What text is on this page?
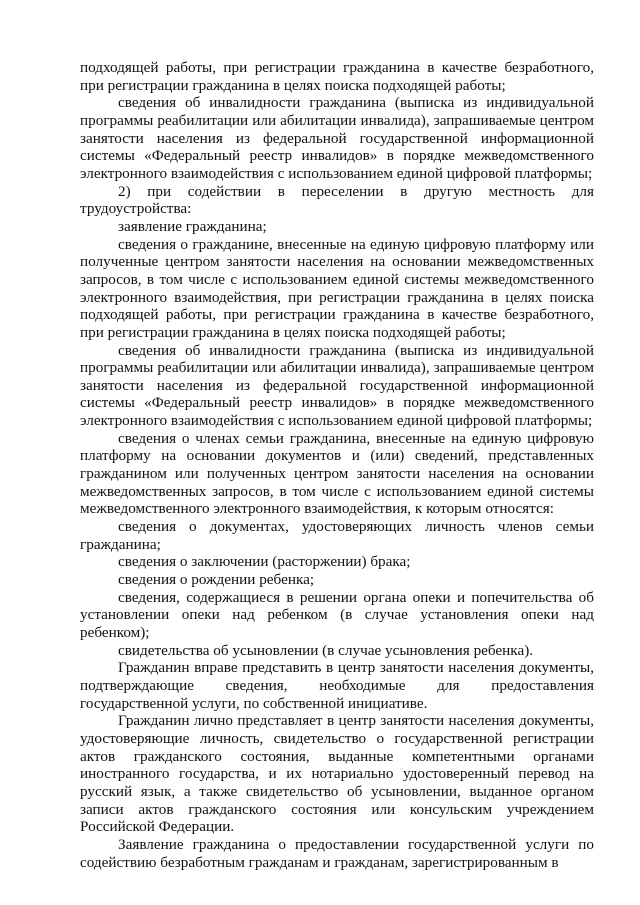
подходящей работы, при регистрации гражданина в качестве безработного, при регистрации гражданина в целях поиска подходящей работы;

сведения об инвалидности гражданина (выписка из индивидуальной программы реабилитации или абилитации инвалида), запрашиваемые центром занятости населения из федеральной государственной информационной системы «Федеральный реестр инвалидов» в порядке межведомственного электронного взаимодействия с использованием единой цифровой платформы;

2) при содействии в переселении в другую местность для трудоустройства:

заявление гражданина;

сведения о гражданине, внесенные на единую цифровую платформу или полученные центром занятости населения на основании межведомственных запросов, в том числе с использованием единой системы межведомственного электронного взаимодействия, при регистрации гражданина в целях поиска подходящей работы, при регистрации гражданина в качестве безработного, при регистрации гражданина в целях поиска подходящей работы;

сведения об инвалидности гражданина (выписка из индивидуальной программы реабилитации или абилитации инвалида), запрашиваемые центром занятости населения из федеральной государственной информационной системы «Федеральный реестр инвалидов» в порядке межведомственного электронного взаимодействия с использованием единой цифровой платформы;

сведения о членах семьи гражданина, внесенные на единую цифровую платформу на основании документов и (или) сведений, представленных гражданином или полученных центром занятости населения на основании межведомственных запросов, в том числе с использованием единой системы межведомственного электронного взаимодействия, к которым относятся:

сведения о документах, удостоверяющих личность членов семьи гражданина;

сведения о заключении (расторжении) брака;

сведения о рождении ребенка;

сведения, содержащиеся в решении органа опеки и попечительства об установлении опеки над ребенком (в случае установления опеки над ребенком);

свидетельства об усыновлении (в случае усыновления ребенка).

Гражданин вправе представить в центр занятости населения документы, подтверждающие сведения, необходимые для предоставления государственной услуги, по собственной инициативе.

Гражданин лично представляет в центр занятости населения документы, удостоверяющие личность, свидетельство о государственной регистрации актов гражданского состояния, выданные компетентными органами иностранного государства, и их нотариально удостоверенный перевод на русский язык, а также свидетельство об усыновлении, выданное органом записи актов гражданского состояния или консульским учреждением Российской Федерации.

Заявление гражданина о предоставлении государственной услуги по содействию безработным гражданам и гражданам, зарегистрированным в
